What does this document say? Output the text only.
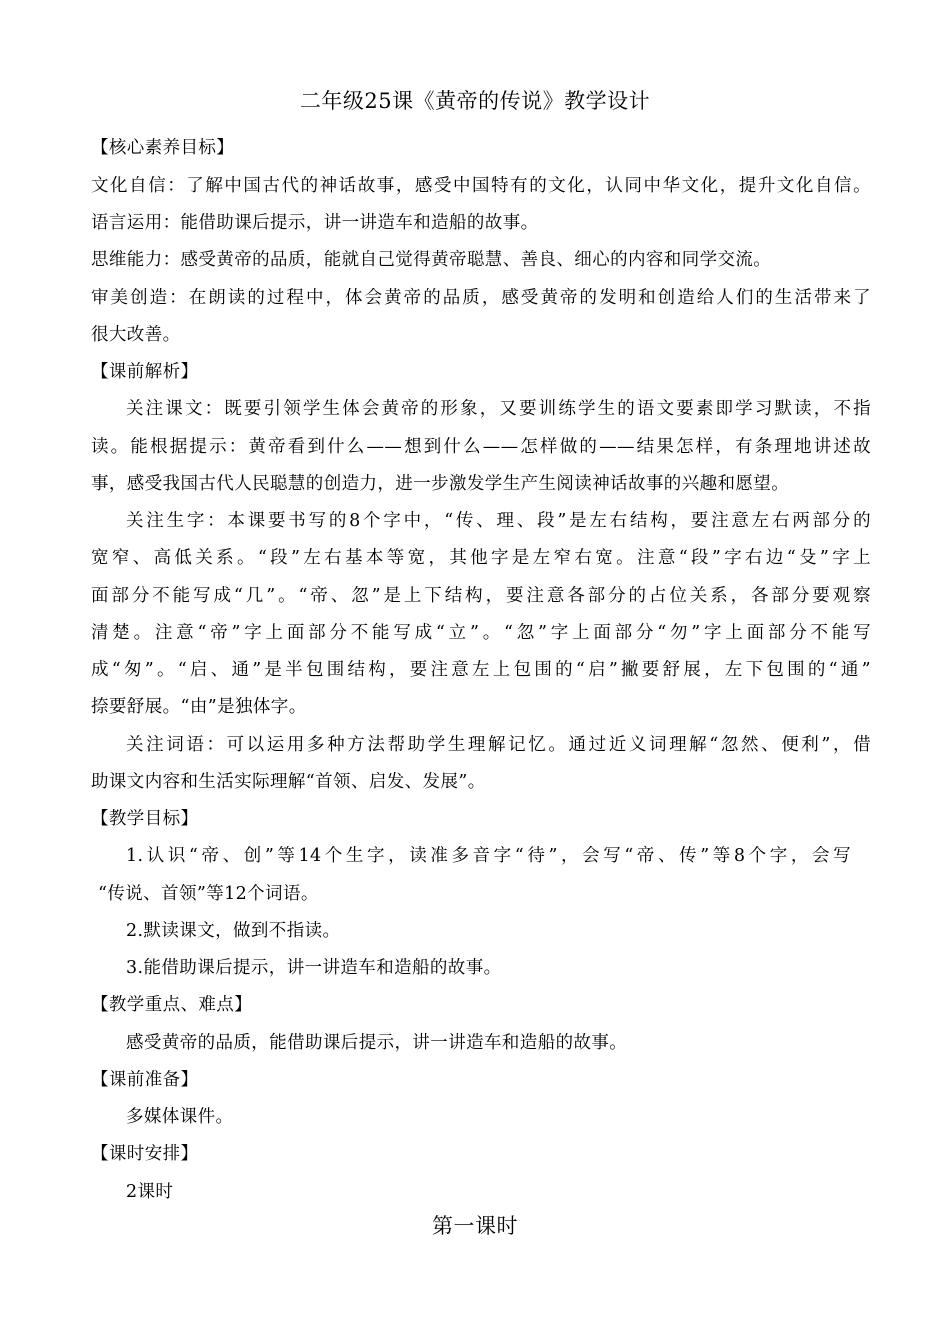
二年级25课《黄帝的传说》教学设计
【核心素养目标】
文化自信：了解中国古代的神话故事，感受中国特有的文化，认同中华文化，提升文化自信。
语言运用：能借助课后提示，讲一讲造车和造船的故事。
思维能力：感受黄帝的品质，能就自己觉得黄帝聪慧、善良、细心的内容和同学交流。
审美创造：在朗读的过程中，体会黄帝的品质，感受黄帝的发明和创造给人们的生活带来了
很大改善。
【课前解析】
关注课文：既要引领学生体会黄帝的形象，又要训练学生的语文要素即学习默读，不指
读。能根据提示：黄帝看到什么——想到什么——怎样做的——结果怎样，有条理地讲述故
事，感受我国古代人民聪慧的创造力，进一步激发学生产生阅读神话故事的兴趣和愿望。
关注生字：本课要书写的8个字中，“传、理、段”是左右结构，要注意左右两部分的
宽窄、高低关系。“段”左右基本等宽，其他字是左窄右宽。注意“段”字右边“殳”字上
面部分不能写成“几”。“帝、忽”是上下结构，要注意各部分的占位关系，各部分要观察
清楚。注意“帝”字上面部分不能写成“立”。“忽”字上面部分“勿”字上面部分不能写
成“匆”。“启、通”是半包围结构，要注意左上包围的“启”撇要舒展，左下包围的“通”
捺要舒展。“由”是独体字。
关注词语：可以运用多种方法帮助学生理解记忆。通过近义词理解“忽然、便利”，借
助课文内容和生活实际理解“首领、启发、发展”。
【教学目标】
1.认识“帝、创”等14个生字，读准多音字“待”，会写“帝、传”等8个字，会写
“传说、首领”等12个词语。
2.默读课文，做到不指读。
3.能借助课后提示，讲一讲造车和造船的故事。
【教学重点、难点】
感受黄帝的品质，能借助课后提示，讲一讲造车和造船的故事。
【课前准备】
多媒体课件。
【课时安排】
2课时
第一课时
